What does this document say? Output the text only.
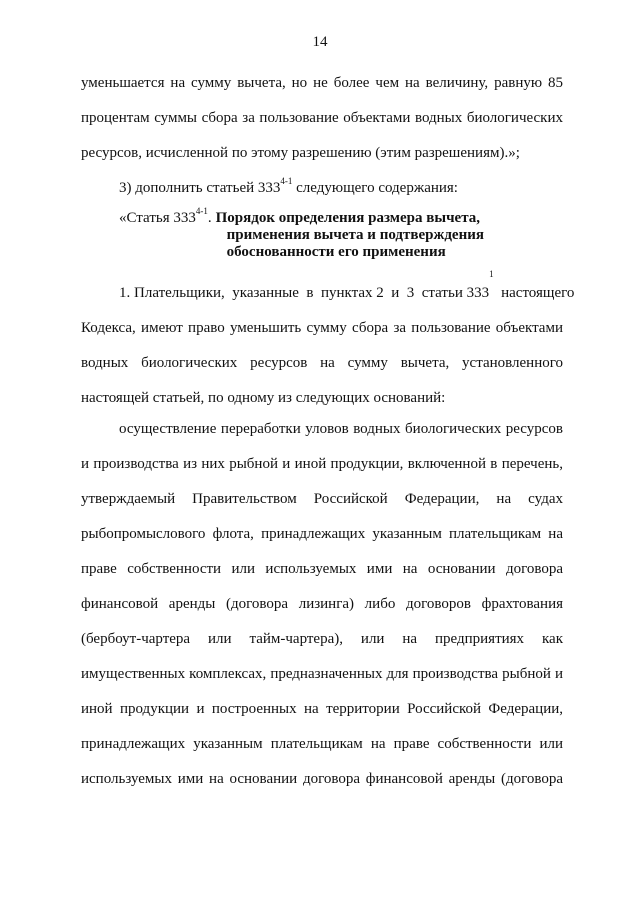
14
уменьшается на сумму вычета, но не более чем на величину, равную 85
процентам суммы сбора за пользование объектами водных биологических
ресурсов, исчисленной по этому разрешению (этим разрешениям).»;
3) дополнить статьей 333$^{4-1}$ следующего содержания:
«Статья 333$^{4-1}$. Порядок определения размера вычета,
применения вычета и подтверждения
обоснованности его применения
1. Плательщики,  указанные  в  пунктах 2  и  3  статьи 333
$^1$
настоящего
Кодекса, имеют право уменьшить сумму сбора за пользование объектами
водных биологических ресурсов на сумму вычета, установленного
настоящей статьей, по одному из следующих оснований:
осуществление переработки уловов водных биологических ресурсов
и производства из них рыбной и иной продукции, включенной в перечень,
утверждаемый Правительством Российской Федерации, на судах
рыбопромыслового флота, принадлежащих указанным плательщикам на
праве собственности или используемых ими на основании договора
финансовой аренды (договора лизинга) либо договоров фрахтования
(бербоут-чартера или тайм-чартера), или на предприятиях как
имущественных комплексах, предназначенных для производства рыбной и
иной продукции и построенных на территории Российской Федерации,
принадлежащих указанным плательщикам на праве собственности или
используемых ими на основании договора финансовой аренды (договора
